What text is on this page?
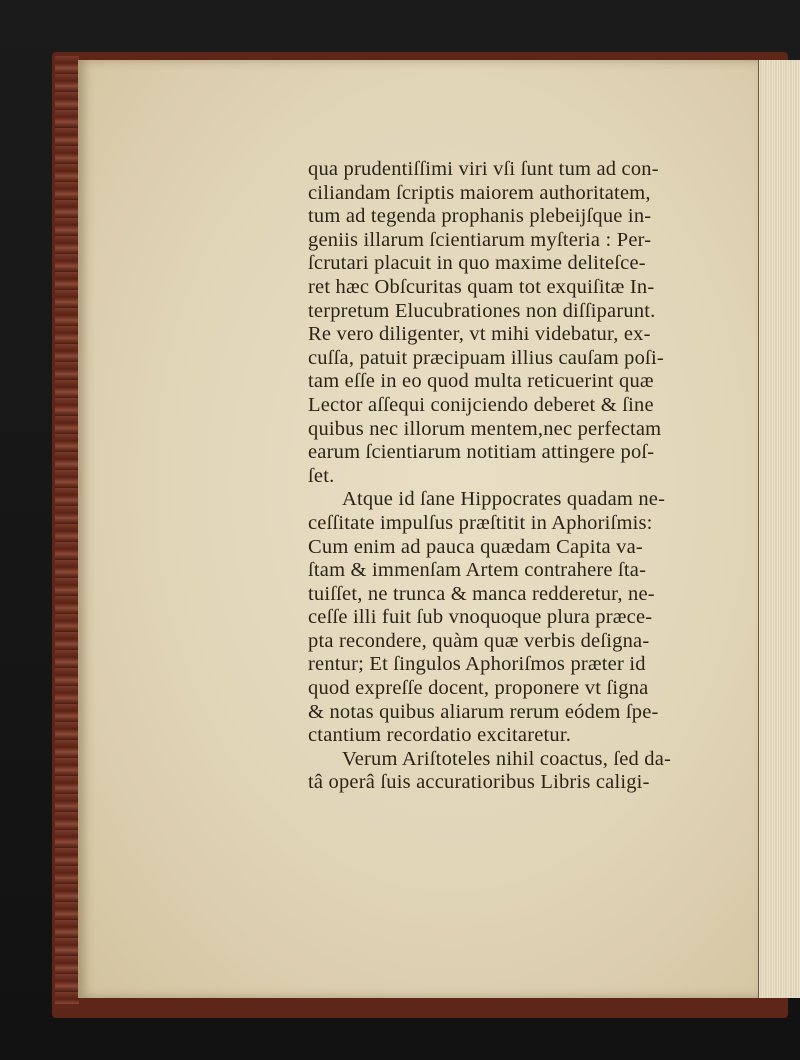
qua prudentiſſimi viri vſi ſunt tum ad con-
ciliandam ſcriptis maiorem authoritatem,
tum ad tegenda prophanis plebeijſque in-
geniis illarum ſcientiarum myſteria : Per-
ſcrutari placuit in quo maxime deliteſce-
ret hæc Obſcuritas quam tot exquiſitæ In-
terpretum Elucubrationes non diſſiparunt.
Re vero diligenter, vt mihi videbatur, ex-
cuſſa, patuit præcipuam illius cauſam poſi-
tam eſſe in eo quod multa reticuerint quæ
Lector aſſequi conijciendo deberet & ſine
quibus nec illorum mentem,nec perfectam
earum ſcientiarum notitiam attingere poſ-
ſet.
Atque id ſane Hippocrates quadam ne-
ceſſitate impulſus præſtitit in Aphoriſmis:
Cum enim ad pauca quædam Capita va-
ſtam & immenſam Artem contrahere ſta-
tuiſſet, ne trunca & manca redderetur, ne-
ceſſe illi fuit ſub vnoquoque plura præce-
pta recondere, quàm quæ verbis deſigna-
rentur; Et ſingulos Aphoriſmos præter id
quod expreſſe docent, proponere vt ſigna
& notas quibus aliarum rerum eódem ſpe-
ctantium recordatio excitaretur.
Verum Ariſtoteles nihil coactus, ſed da-
tâ operâ ſuis accuratioribus Libris caligi-
